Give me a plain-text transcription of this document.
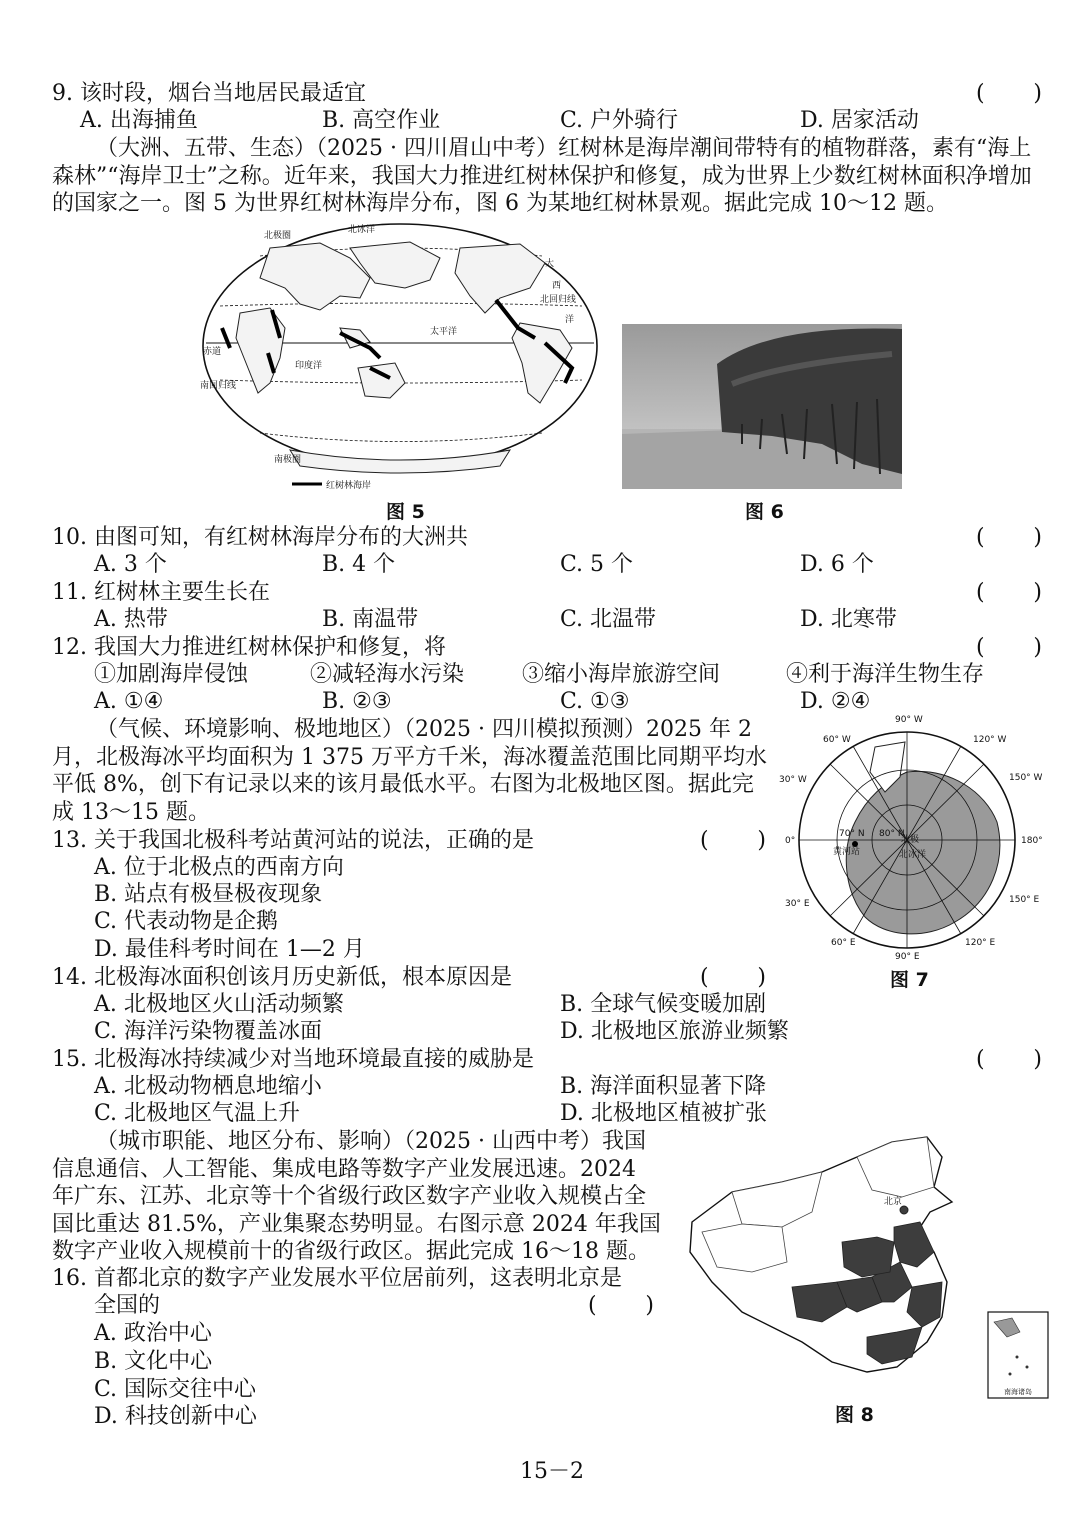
9. 该时段，烟台当地居民最适宜	( )
A. 出海捕鱼	B. 高空作业	C. 户外骑行	D. 居家活动
（大洲、五带、生态）（2025 · 四川眉山中考）红树林是海岸潮间带特有的植物群落，素有“海上森林”“海岸卫士”之称。近年来，我国大力推进红树林保护和修复，成为世界上少数红树林面积净增加的国家之一。图 5 为世界红树林海岸分布，图 6 为某地红树林景观。据此完成 10～12 题。
北极圈
北冰洋
大
西
北回归线
洋
太平洋
印度洋
赤道
南回归线
南极圈
红树林海岸
图 5	图 6
10. 由图可知，有红树林海岸分布的大洲共	( )
A. 3 个	B. 4 个	C. 5 个	D. 6 个
11. 红树林主要生长在	( )
A. 热带	B. 南温带	C. 北温带	D. 北寒带
12. 我国大力推进红树林保护和修复，将	( )
①加剧海岸侵蚀	②减轻海水污染	③缩小海岸旅游空间	④利于海洋生物生存
A. ①④	B. ②③	C. ①③	D. ②④
（气候、环境影响、极地地区）（2025 · 四川模拟预测）2025 年 2 月，北极海冰平均面积为 1 375 万平方千米，海冰覆盖范围比同期平均水平低 8%，创下有记录以来的该月最低水平。右图为北极地区图。据此完成 13～15 题。
90° W
60° W	120° W
30° W	150° W
0°	180°
30° E	150° E
60° E
90° E
120° E
70° N 80° N
黄河站
北极
北冰洋
图 7
13. 关于我国北极科考站黄河站的说法，正确的是	( )
A. 位于北极点的西南方向
B. 站点有极昼极夜现象
C. 代表动物是企鹅
D. 最佳科考时间在 1—2 月
14. 北极海冰面积创该月历史新低，根本原因是	( )
A. 北极地区火山活动频繁	B. 全球气候变暖加剧
C. 海洋污染物覆盖冰面	D. 北极地区旅游业频繁
15. 北极海冰持续减少对当地环境最直接的威胁是	( )
A. 北极动物栖息地缩小	B. 海洋面积显著下降
C. 北极地区气温上升	D. 北极地区植被扩张
（城市职能、地区分布、影响）（2025 · 山西中考）我国信息通信、人工智能、集成电路等数字产业发展迅速。2024 年广东、江苏、北京等十个省级行政区数字产业收入规模占全国比重达 81.5%，产业集聚态势明显。右图示意 2024 年我国数字产业收入规模前十的省级行政区。据此完成 16～18 题。
北京
南海诸岛
图 8
16. 首都北京的数字产业发展水平位居前列，这表明北京是
全国的	( )
A. 政治中心
B. 文化中心
C. 国际交往中心
D. 科技创新中心
15－2
